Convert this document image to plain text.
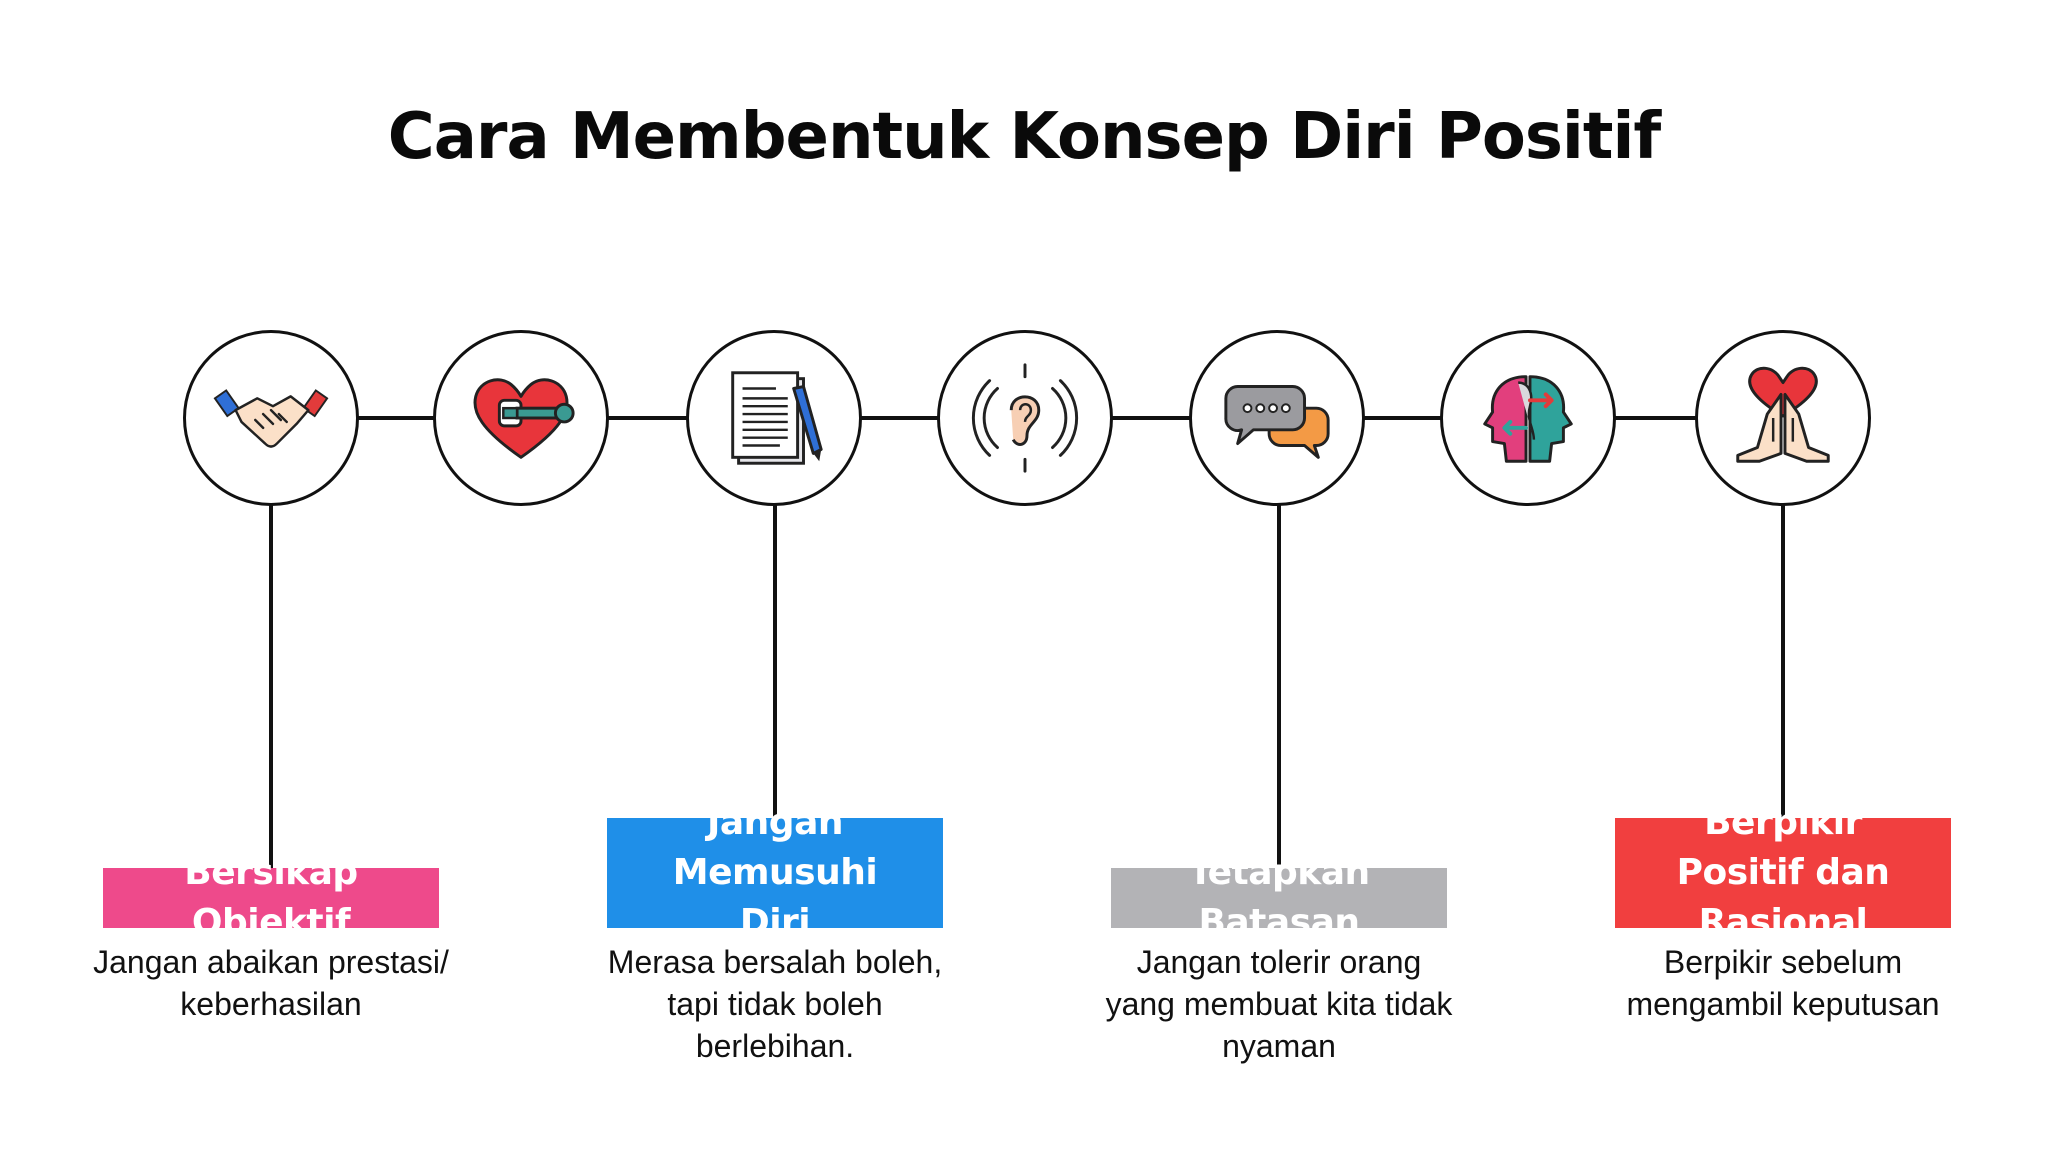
Cara Membentuk Konsep Diri Positif
Bersikap Objektif
Jangan abaikan prestasi/ keberhasilan
Jangan Memusuhi Diri
Merasa bersalah boleh, tapi tidak boleh berlebihan.
Tetapkan Batasan
Jangan tolerir orang yang membuat kita tidak nyaman
Berpikir Positif dan Rasional
Berpikir sebelum mengambil keputusan
